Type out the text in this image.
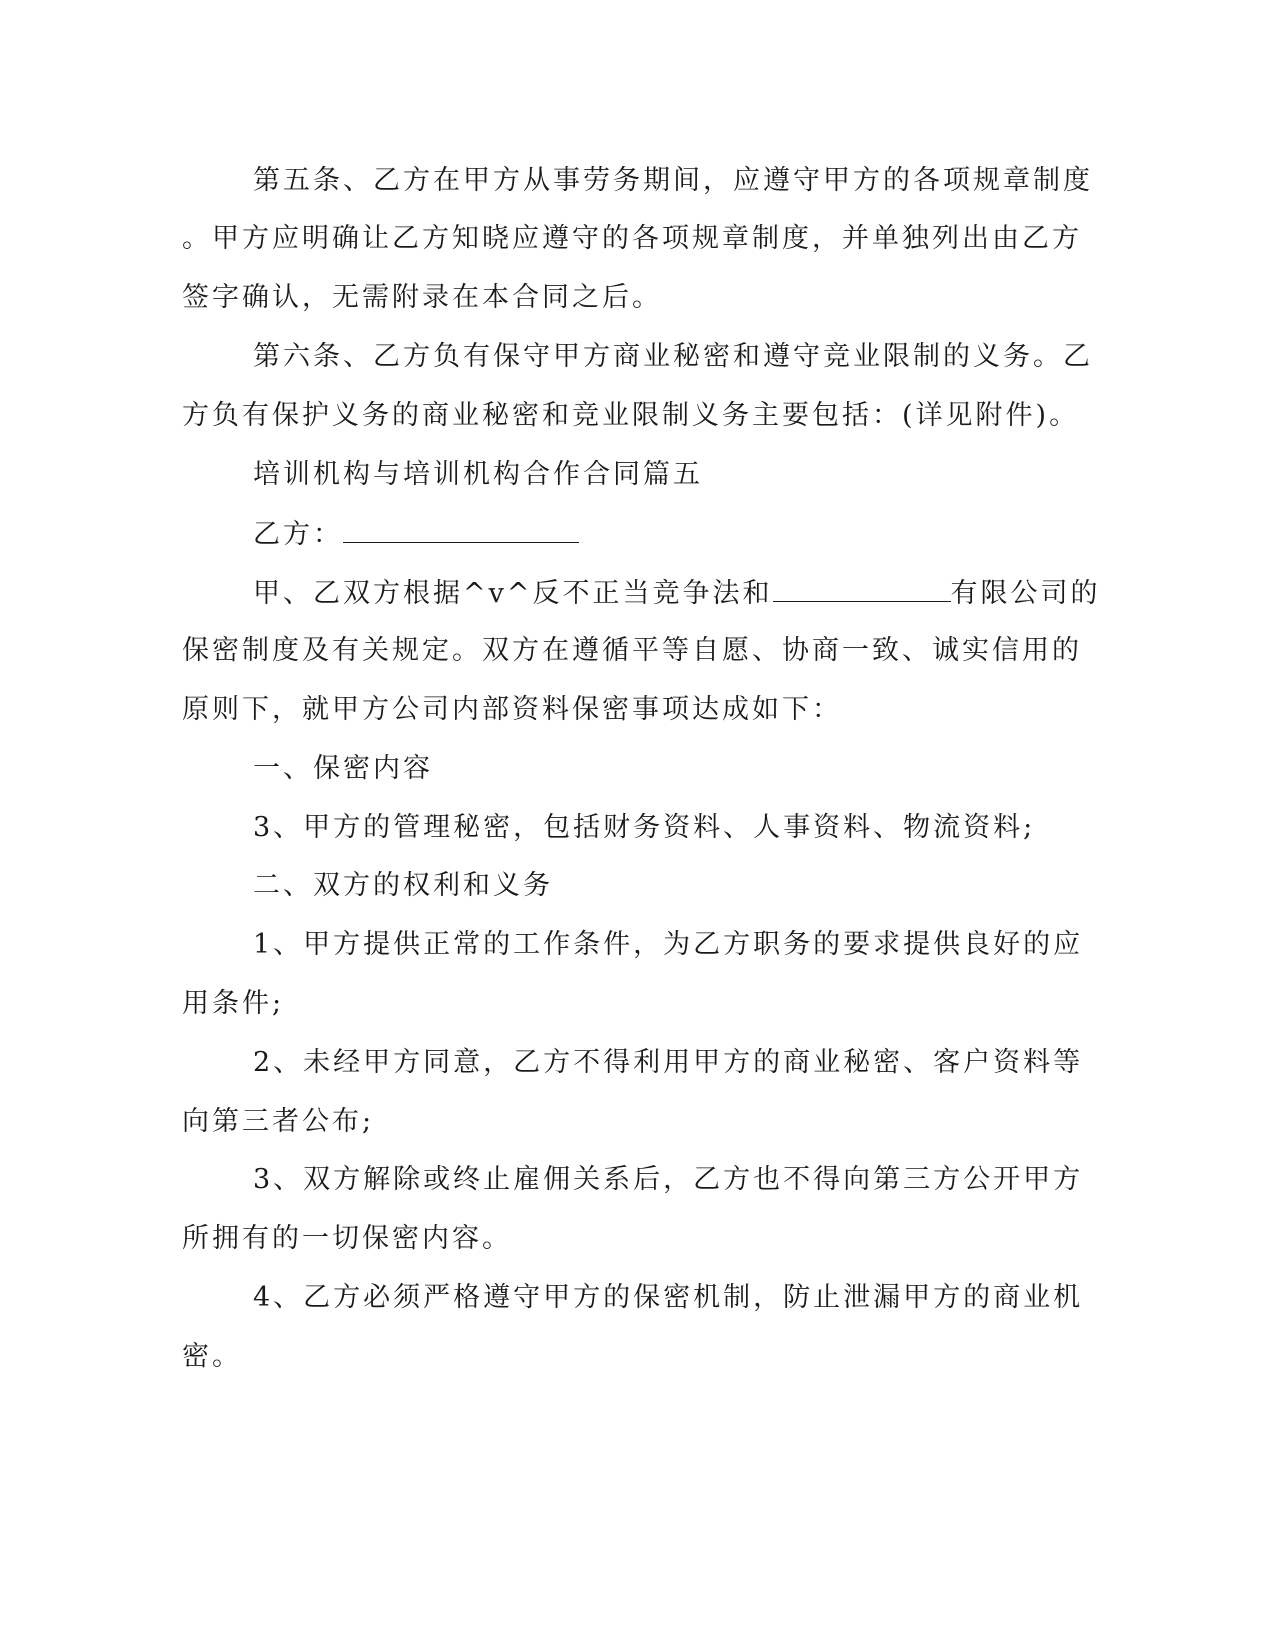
第五条、乙方在甲方从事劳务期间，应遵守甲方的各项规章制度
。甲方应明确让乙方知晓应遵守的各项规章制度，并单独列出由乙方
签字确认，无需附录在本合同之后。
第六条、乙方负有保守甲方商业秘密和遵守竞业限制的义务。乙
方负有保护义务的商业秘密和竞业限制义务主要包括：(详见附件)。
培训机构与培训机构合作合同篇五
乙方：
甲、乙双方根据^v^反不正当竞争法和	有限公司的
保密制度及有关规定。双方在遵循平等自愿、协商一致、诚实信用的
原则下，就甲方公司内部资料保密事项达成如下：
一、保密内容
3、甲方的管理秘密，包括财务资料、人事资料、物流资料;
二、双方的权利和义务
1、甲方提供正常的工作条件，为乙方职务的要求提供良好的应
用条件;
2、未经甲方同意，乙方不得利用甲方的商业秘密、客户资料等
向第三者公布;
3、双方解除或终止雇佣关系后，乙方也不得向第三方公开甲方
所拥有的一切保密内容。
4、乙方必须严格遵守甲方的保密机制，防止泄漏甲方的商业机
密。
